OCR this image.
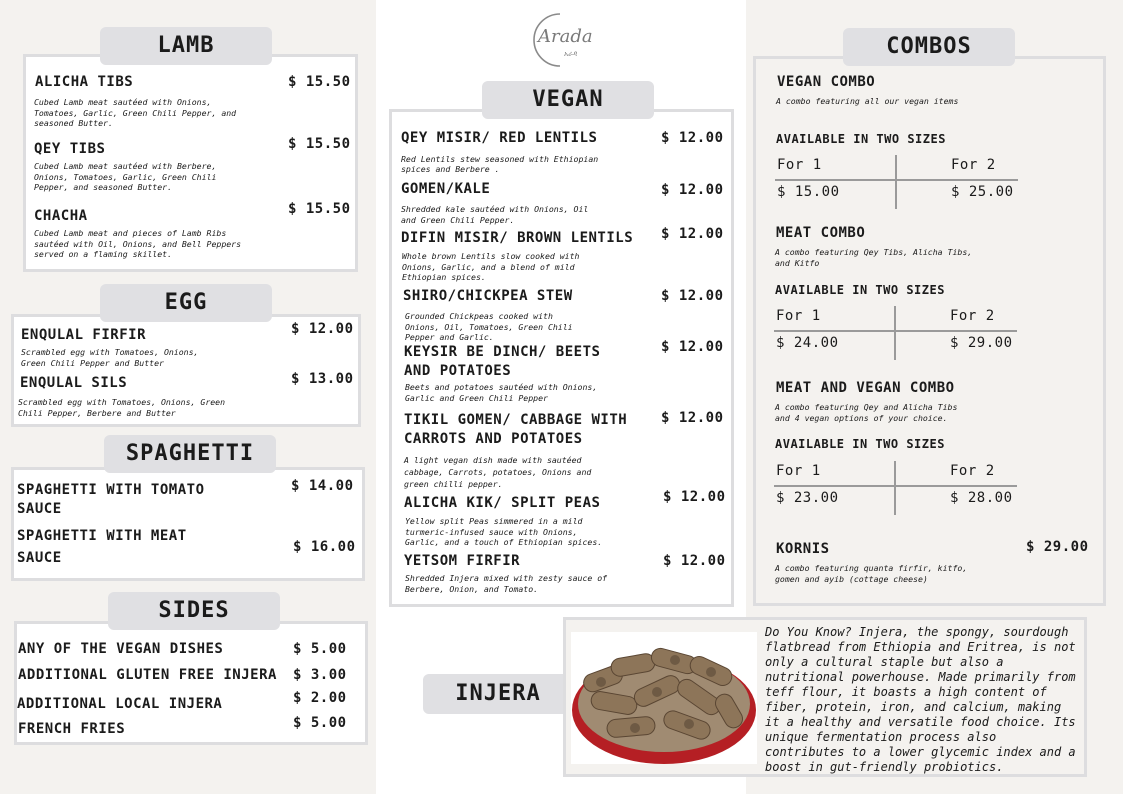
LAMB
ALICHA TIBS	$ 15.50
Cubed Lamb meat sautéed with Onions, Tomatoes, Garlic, Green Chili Pepper, and seasoned Butter.
QEY TIBS	$ 15.50
Cubed Lamb meat sautéed with Berbere, Onions, Tomatoes, Garlic, Green Chili Pepper, and seasoned Butter.
CHACHA	$ 15.50
Cubed Lamb meat and pieces of Lamb Ribs sautéed with Oil, Onions, and Bell Peppers served on a flaming skillet.
EGG
ENQULAL FIRFIR	$ 12.00
Scrambled egg with Tomatoes, Onions, Green Chili Pepper and Butter
ENQULAL SILS	$ 13.00
Scrambled egg with Tomatoes, Onions, Green Chili Pepper, Berbere and Butter
SPAGHETTI
SPAGHETTI WITH TOMATO
SAUCE
$ 14.00
SPAGHETTI WITH MEAT
SAUCE
$ 16.00
SIDES
ANY OF THE VEGAN DISHES	$ 5.00
ADDITIONAL GLUTEN FREE INJERA $ 3.00
ADDITIONAL LOCAL INJERA	$ 2.00
FRENCH FRIES	$ 5.00
Arada
አራዳ
VEGAN
QEY MISIR/ RED LENTILS	$ 12.00
Red Lentils stew seasoned with Ethiopian spices and Berbere .
GOMEN/KALE	$ 12.00
Shredded kale sautéed with Onions, Oil and Green Chili Pepper.
DIFIN MISIR/ BROWN LENTILS $ 12.00
Whole brown Lentils slow cooked with Onions, Garlic, and a blend of mild Ethiopian spices.
SHIRO/CHICKPEA STEW	$ 12.00
Grounded Chickpeas cooked with Onions, Oil, Tomatoes, Green Chili Pepper and Garlic.
KEYSIR BE DINCH/ BEETS
AND POTATOES
$ 12.00
Beets and potatoes sautéed with Onions, Garlic and Green Chili Pepper
TIKIL GOMEN/ CABBAGE WITH
CARROTS AND POTATOES
$ 12.00
A light vegan dish made with sautéed cabbage, Carrots, potatoes, Onions and green chilli pepper.
ALICHA KIK/ SPLIT PEAS	$ 12.00
Yellow split Peas simmered in a mild turmeric-infused sauce with Onions, Garlic, and a touch of Ethiopian spices.
YETSOM FIRFIR	$ 12.00
Shredded Injera mixed with zesty sauce of Berbere, Onion, and Tomato.
COMBOS
VEGAN COMBO
A combo featuring all our vegan items
AVAILABLE IN TWO SIZES
For 1	For 2
$ 15.00	$ 25.00
MEAT COMBO
A combo featuring Qey Tibs, Alicha Tibs, and Kitfo
AVAILABLE IN TWO SIZES
For 1	For 2
$ 24.00	$ 29.00
MEAT AND VEGAN COMBO
A combo featuring Qey and Alicha Tibs and 4 vegan options of your choice.
AVAILABLE IN TWO SIZES
For 1	For 2
$ 23.00	$ 28.00
KORNIS	$ 29.00
A combo featuring quanta firfir, kitfo, gomen and ayib (cottage cheese)
INJERA
Do You Know? Injera, the spongy, sourdough flatbread from Ethiopia and Eritrea, is not only a cultural staple but also a nutritional powerhouse. Made primarily from teff flour, it boasts a high content of fiber, protein, iron, and calcium, making it a healthy and versatile food choice. Its unique fermentation process also contributes to a lower glycemic index and a boost in gut-friendly probiotics.
